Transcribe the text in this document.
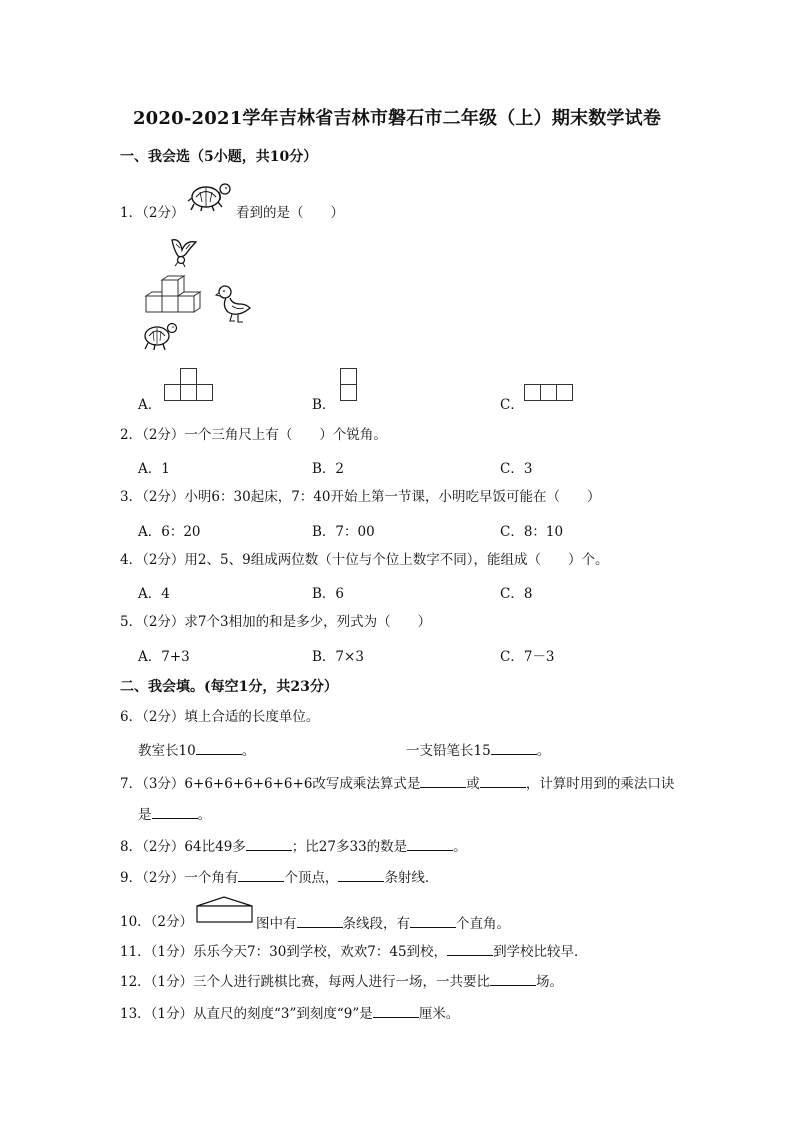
2020-2021学年吉林省吉林市磐石市二年级（上）期末数学试卷
一、我会选（5小题，共10分）
1．（2分）	看到的是（　　）
A．	B．	C．
2．（2分）一个三角尺上有（　　）个锐角。
A．1	B．2	C．3
3．（2分）小明6：30起床，7：40开始上第一节课，小明吃早饭可能在（　　）
A．6：20	B．7：00	C．8：10
4．（2分）用2、5、9组成两位数（十位与个位上数字不同），能组成（　　）个。
A．4	B．6	C．8
5．（2分）求7个3相加的和是多少，列式为（　　）
A．7+3	B．7×3	C．7－3
二、我会填。(每空1分，共23分）
6．（2分）填上合适的长度单位。
教室长10	。	一支铅笔长15	。
7．（3分）6+6+6+6+6+6+6改写成乘法算式是	或	，计算时用到的乘法口诀
是	。
8．（2分）64比49多	；比27多33的数是	。
9．（2分）一个角有	个顶点，	条射线．
10．（2分）	图中有	条线段，有	个直角。
11．（1分）乐乐今天7：30到学校，欢欢7：45到校，	到学校比较早．
12．（1分）三个人进行跳棋比赛，每两人进行一场，一共要比	场。
13．（1分）从直尺的刻度“3”到刻度“9”是	厘米。
